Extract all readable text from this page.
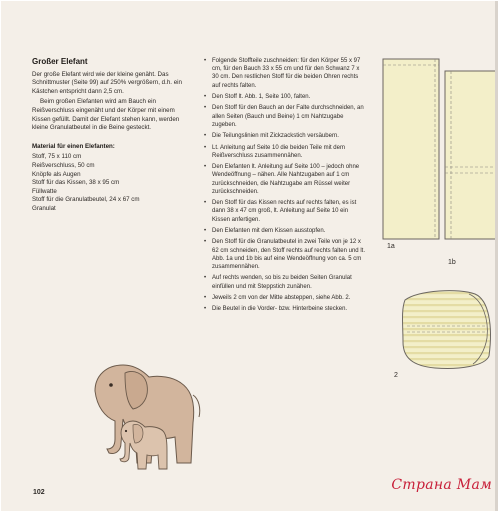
Großer Elefant

Der große Elefant wird wie der kleine genäht. Das Schnittmuster (Seite 99) auf 250% vergrößern, d.h. ein Kästchen entspricht dann 2,5 cm.

Beim großen Elefanten wird am Bauch ein Reißverschluss eingenäht und der Körper mit einem Kissen gefüllt. Damit der Elefant stehen kann, werden kleine Granulatbeutel in die Beine gesteckt.

Material für einen Elefanten:
Stoff, 75 x 110 cm
Reißverschluss, 50 cm
Knöpfe als Augen
Stoff für das Kissen, 38 x 95 cm
Füllwatte
Stoff für die Granulatbeutel, 24 x 67 cm
Granulat
• Folgende Stoffteile zuschneiden: für den Körper 55 x 97 cm, für den Bauch 33 x 55 cm und für den Schwanz 7 x 30 cm. Den restlichen Stoff für die beiden Ohren rechts auf rechts falten.
• Den Stoff lt. Abb. 1, Seite 100, falten.
• Den Stoff für den Bauch an der Falte durchschneiden, an allen Seiten (Bauch und Beine) 1 cm Nahtzugabe zugeben.
• Die Teilungslinien mit Zickzackstich versäubern.
• Lt. Anleitung auf Seite 10 die beiden Teile mit dem Reißverschluss zusammennähen.
• Den Elefanten lt. Anleitung auf Seite 100 – jedoch ohne Wendeöffnung – nähen. Alle Nahtzugaben auf 1 cm zurückschneiden, die Nahtzugabe am Rüssel weiter zurückschneiden.
• Den Stoff für das Kissen rechts auf rechts falten, es ist dann 38 x 47 cm groß, lt. Anleitung auf Seite 10 ein Kissen anfertigen.
• Den Elefanten mit dem Kissen ausstopfen.
• Den Stoff für die Granulatbeutel in zwei Teile von je 12 x 62 cm schneiden, den Stoff rechts auf rechts falten und lt. Abb. 1a und 1b bis auf eine Wendeöffnung von ca. 5 cm zusammennähen.
• Auf rechts wenden, so bis zu beiden Seiten Granulat einfüllen und mit Steppstich zunähen.
• Jeweils 2 cm von der Mitte absteppen, siehe Abb. 2.
• Die Beutel in die Vorder- bzw. Hinterbeine stecken.
1a
1b
2
102	Страна Мам
